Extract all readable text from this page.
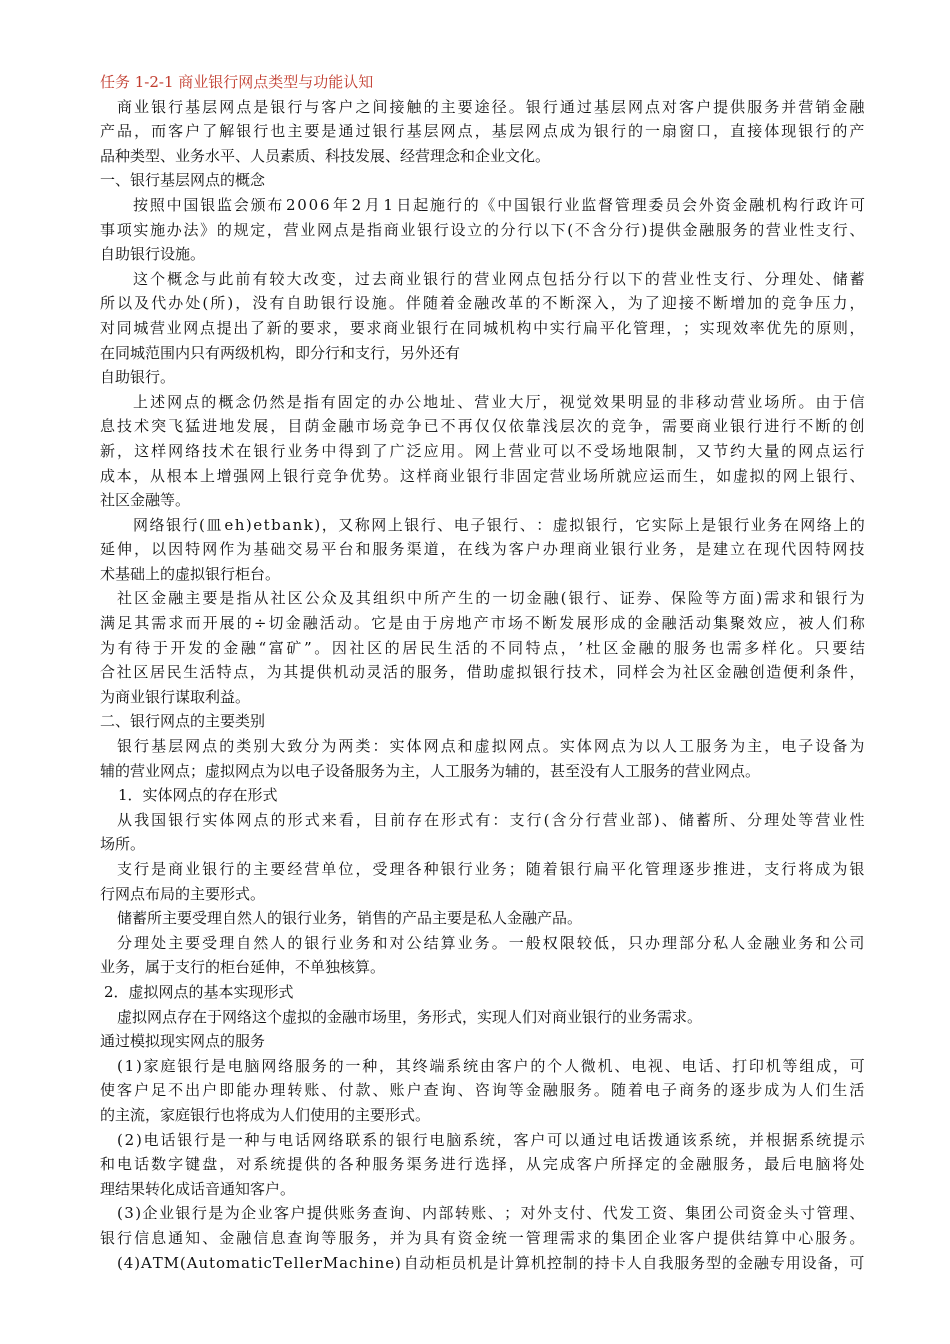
任务 1-2-1 商业银行网点类型与功能认知
商 业 银 行 基 层 网 点 是 银 行 与 客 户 之 间 接 触 的 主 要 途 径 。 银 行 通 过 基 层 网 点 对 客 户 提 供 服 务 并 营 销 金 融
产 品 ， 而 客 户 了 解 银 行 也 主 要 是 通 过 银 行 基 层 网 点 ， 基 层 网 点 成 为 银 行 的 一 扇 窗 口 ， 直 接 体 现 银 行 的 产
品种类型、业务水平、人员素质、科技发展、经营理念和企业文化。
一、银行基层网点的概念
按 照 中 国 银 监 会 颁 布 2 0 0 6 年 2 月 1 日 起 施 行 的 《 中 国 银 行 业 监 督 管 理 委 员 会 外 资 金 融 机 构 行 政 许 可
事 项 实 施 办 法 》 的 规 定 ， 营 业 网 点 是 指 商 业 银 行 设 立 的 分 行 以 下 ( 不 含 分 行 ) 提 供 金 融 服 务 的 营 业 性 支 行 、
自助银行设施。
这 个 概 念 与 此 前 有 较 大 改 变 ， 过 去 商 业 银 行 的 营 业 网 点 包 括 分 行 以 下 的 营 业 性 支 行 、 分 理 处 、 储 蓄
所 以 及 代 办 处 ( 所 ) ， 没 有 自 助 银 行 设 施 。 伴 随 着 金 融 改 革 的 不 断 深 入 ， 为 了 迎 接 不 断 增 加 的 竞 争 压 力 ，
对 同 城 营 业 网 点 提 出 了 新 的 要 求 ， 要 求 商 业 银 行 在 同 城 机 构 中 实 行 扁 平 化 管 理 ， ； 实 现 效 率 优 先 的 原 则 ，
在同城范围内只有两级机构，即分行和支行，另外还有
自助银行。
上 述 网 点 的 概 念 仍 然 是 指 有 固 定 的 办 公 地 址 、 营 业 大 厅 ， 视 觉 效 果 明 显 的 非 移 动 营 业 场 所 。 由 于 信
息 技 术 突 飞 猛 进 地 发 展 ， 目 荫 金 融 市 场 竞 争 已 不 再 仅 仅 依 靠 浅 层 次 的 竞 争 ， 需 要 商 业 银 行 进 行 不 断 的 创
新 ， 这 样 网 络 技 术 在 银 行 业 务 中 得 到 了 广 泛 应 用 。 网 上 营 业 可 以 不 受 场 地 限 制 ， 又 节 约 大 量 的 网 点 运 行
成 本 ， 从 根 本 上 增 强 网 上 银 行 竞 争 优 势 。 这 样 商 业 银 行 非 固 定 营 业 场 所 就 应 运 而 生 ， 如 虚 拟 的 网 上 银 行 、
社区金融等。
网 络 银 行 ( 皿 e h ) e t b a n k ) ， 又 称 网 上 银 行 、 电 子 银 行 、 ： 虚 拟 银 行 ， 它 实 际 上 是 银 行 业 务 在 网 络 上 的
延 伸 ， 以 因 特 网 作 为 基 础 交 易 平 台 和 服 务 渠 道 ， 在 线 为 客 户 办 理 商 业 银 行 业 务 ， 是 建 立 在 现 代 因 特 网 技
术基础上的虚拟银行柜台。
社 区 金 融 主 要 是 指 从 社 区 公 众 及 其 组 织 中 所 产 生 的 一 切 金 融 ( 银 行 、 证 券 、 保 险 等 方 面 ) 需 求 和 银 行 为
满 足 其 需 求 而 开 展 的 ÷ 切 金 融 活 动 。 它 是 由 于 房 地 产 市 场 不 断 发 展 形 成 的 金 融 活 动 集 聚 效 应 ， 被 人 们 称
为 有 待 于 开 发 的 金 融 “ 富 矿 ” 。 因 社 区 的 居 民 生 活 的 不 同 特 点 ， ’ 杜 区 金 融 的 服 务 也 需 多 样 化 。 只 要 结
合 社 区 居 民 生 活 特 点 ， 为 其 提 供 机 动 灵 活 的 服 务 ， 借 助 虚 拟 银 行 技 术 ， 同 样 会 为 社 区 金 融 创 造 便 利 条 件 ，
为商业银行谋取利益。
二、银行网点的主要类别
银 行 基 层 网 点 的 类 别 大 致 分 为 两 类 ： 实 体 网 点 和 虚 拟 网 点 。 实 体 网 点 为 以 人 工 服 务 为 主 ， 电 子 设 备 为
辅的营业网点；虚拟网点为以电子设备服务为主，人工服务为辅的，甚至没有人工服务的营业网点。
1．实体网点的存在形式
从 我 国 银 行 实 体 网 点 的 形 式 来 看 ， 目 前 存 在 形 式 有 ： 支 行 ( 含 分 行 营 业 部 ) 、 储 蓄 所 、 分 理 处 等 营 业 性
场所。
支 行 是 商 业 银 行 的 主 要 经 营 单 位 ， 受 理 各 种 银 行 业 务 ； 随 着 银 行 扁 平 化 管 理 逐 步 推 进 ， 支 行 将 成 为 银
行网点布局的主要形式。
储蓄所主要受理自然人的银行业务，销售的产品主要是私人金融产品。
分 理 处 主 要 受 理 自 然 人 的 银 行 业 务 和 对 公 结 算 业 务 。 一 般 权 限 较 低 ， 只 办 理 部 分 私 人 金 融 业 务 和 公 司
业务，属于支行的柜台延伸，不单独核算。
2．虚拟网点的基本实现形式
虚拟网点存在于网络这个虚拟的金融市场里，务形式，实现人们对商业银行的业务需求。
通过模拟现实网点的服务
( 1 ) 家 庭 银 行 是 电 脑 网 络 服 务 的 一 种 ， 其 终 端 系 统 由 客 户 的 个 人 微 机 、 电 视 、 电 话 、 打 印 机 等 组 成 ， 可
使 客 户 足 不 出 户 即 能 办 理 转 账 、 付 款 、 账 户 查 询 、 咨 询 等 金 融 服 务 。 随 着 电 子 商 务 的 逐 步 成 为 人 们 生 活
的主流，家庭银行也将成为人们使用的主要形式。
( 2 ) 电 话 银 行 是 一 种 与 电 话 网 络 联 系 的 银 行 电 脑 系 统 ， 客 户 可 以 通 过 电 话 拨 通 该 系 统 ， 并 根 据 系 统 提 示
和 电 话 数 字 键 盘 ， 对 系 统 提 供 的 各 种 服 务 渠 务 进 行 选 择 ， 从 完 成 客 户 所 择 定 的 金 融 服 务 ， 最 后 电 脑 将 处
理结果转化成话音通知客户。
( 3 ) 企 业 银 行 是 为 企 业 客 户 提 供 账 务 查 询 、 内 部 转 账 、 ； 对 外 支 付 、 代 发 工 资 、 集 团 公 司 资 金 头 寸 管 理 、
银 行 信 息 通 知 、 金 融 信 息 查 询 等 服 务 ， 并 为 具 有 资 金 统 一 管 理 需 求 的 集 团 企 业 客 户 提 供 结 算 中 心 服 务 。
( 4 ) A T M ( A u t o m a t i c T e l l e r M a c h i n e ) 自 动 柜 员 机 是 计 算 机 控 制 的 持 卡 人 自 我 服 务 型 的 金 融 专 用 设 备 ， 可
